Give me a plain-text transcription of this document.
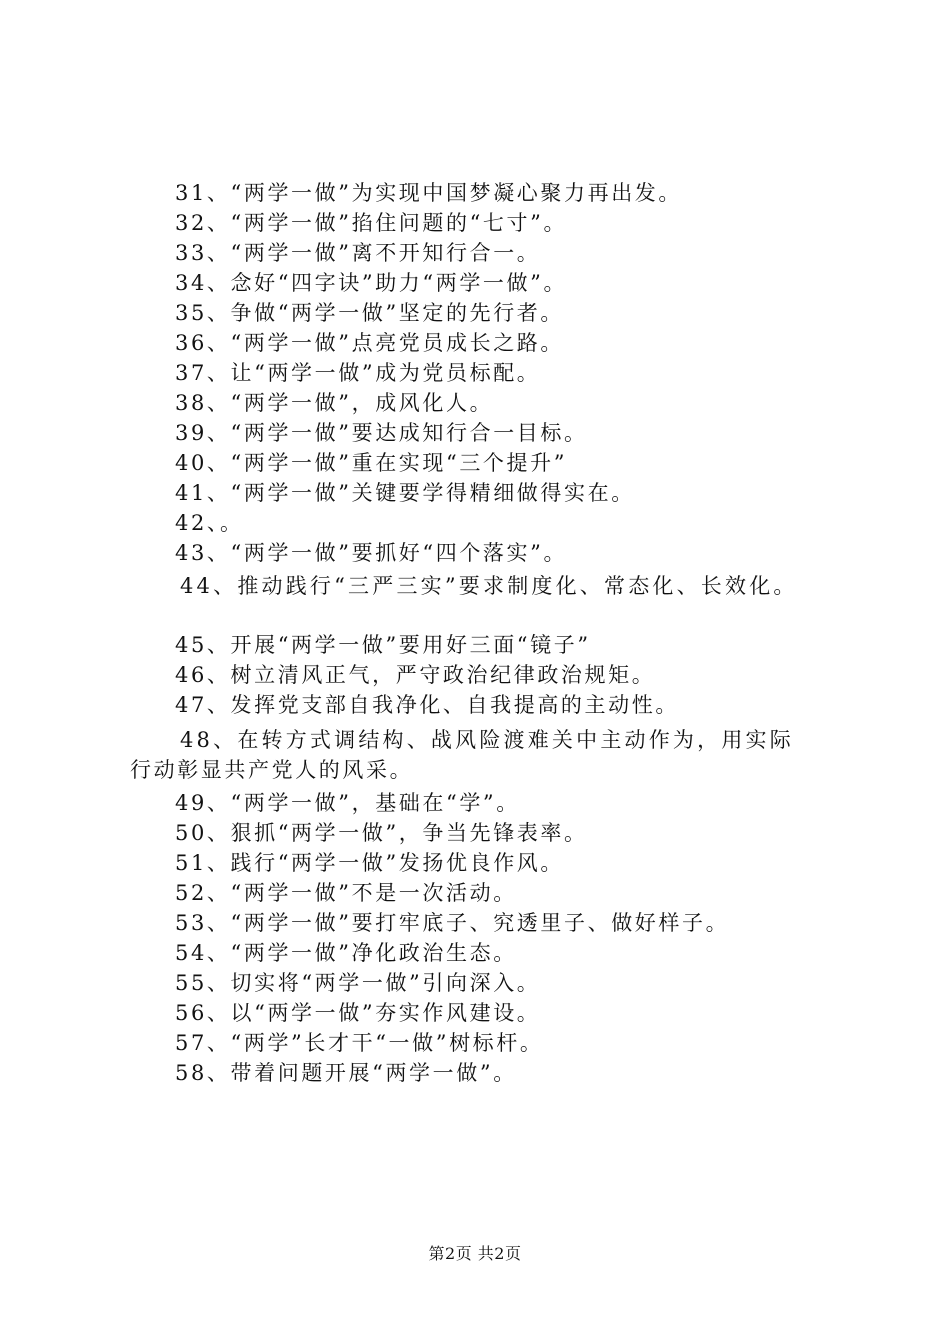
31、“两学一做”为实现中国梦凝心聚力再出发。
32、“两学一做”掐住问题的“七寸”。
33、“两学一做”离不开知行合一。
34、念好“四字诀”助力“两学一做”。
35、争做“两学一做”坚定的先行者。
36、“两学一做”点亮党员成长之路。
37、让“两学一做”成为党员标配。
38、“两学一做”，成风化人。
39、“两学一做”要达成知行合一目标。
40、“两学一做”重在实现“三个提升”
41、“两学一做”关键要学得精细做得实在。
42、。
43、“两学一做”要抓好“四个落实”。
44、推动践行“三严三实”要求制度化、常态化、长效化。
45、开展“两学一做”要用好三面“镜子”
46、树立清风正气，严守政治纪律政治规矩。
47、发挥党支部自我净化、自我提高的主动性。
48、在转方式调结构、战风险渡难关中主动作为，用实际
行动彰显共产党人的风采。
49、“两学一做”，基础在“学”。
50、狠抓“两学一做”，争当先锋表率。
51、践行“两学一做”发扬优良作风。
52、“两学一做”不是一次活动。
53、“两学一做”要打牢底子、究透里子、做好样子。
54、“两学一做”净化政治生态。
55、切实将“两学一做”引向深入。
56、以“两学一做”夯实作风建设。
57、“两学”长才干“一做”树标杆。
58、带着问题开展“两学一做”。
第2页 共2页
